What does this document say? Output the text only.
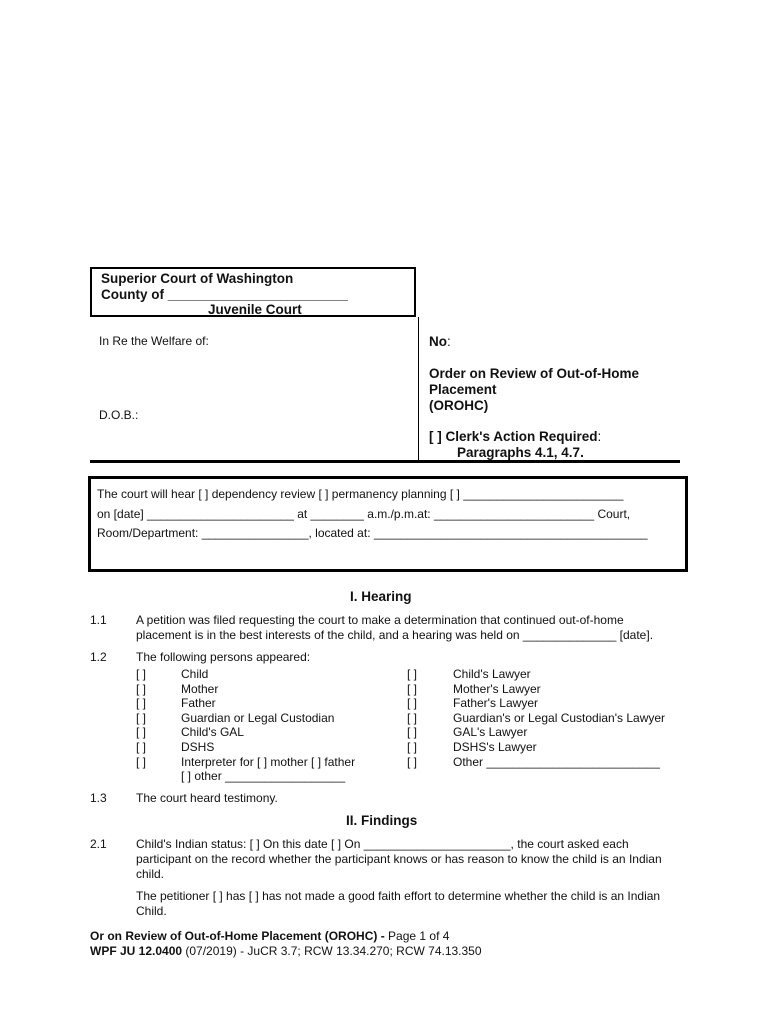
Superior Court of Washington
County of ________________________
Juvenile Court
In Re the Welfare of:
D.O.B.:
No:
Order on Review of Out-of-Home
Placement
(OROHC)
[ ] Clerk's Action Required:
Paragraphs 4.1, 4.7.
The court will hear [ ] dependency review [ ] permanency planning [ ] ________________________
on [date] ______________________ at ________ a.m./p.m.at: ________________________ Court,
Room/Department: ________________, located at: _________________________________________
I. Hearing
1.1 A petition was filed requesting the court to make a determination that continued out-of-home placement is in the best interests of the child, and a hearing was held on ______________ [date].
1.2 The following persons appeared:
[ ]
[ ]
[ ]
[ ]
[ ]
[ ]
[ ]
Child
Mother
Father
Guardian or Legal Custodian
Child's GAL
DSHS
Interpreter for [ ] mother [ ] father
[ ] other __________________
[ ]
[ ]
[ ]
[ ]
[ ]
[ ]
[ ]
Child's Lawyer
Mother's Lawyer
Father's Lawyer
Guardian's or Legal Custodian's Lawyer
GAL's Lawyer
DSHS's Lawyer
Other __________________________
1.3 The court heard testimony.
II. Findings
2.1 Child's Indian status: [ ] On this date [ ] On ______________________, the court asked each participant on the record whether the participant knows or has reason to know the child is an Indian child.
The petitioner [ ] has [ ] has not made a good faith effort to determine whether the child is an Indian Child.
Or on Review of Out-of-Home Placement (OROHC) - Page 1 of 4
WPF JU 12.0400 (07/2019) - JuCR 3.7; RCW 13.34.270; RCW 74.13.350
